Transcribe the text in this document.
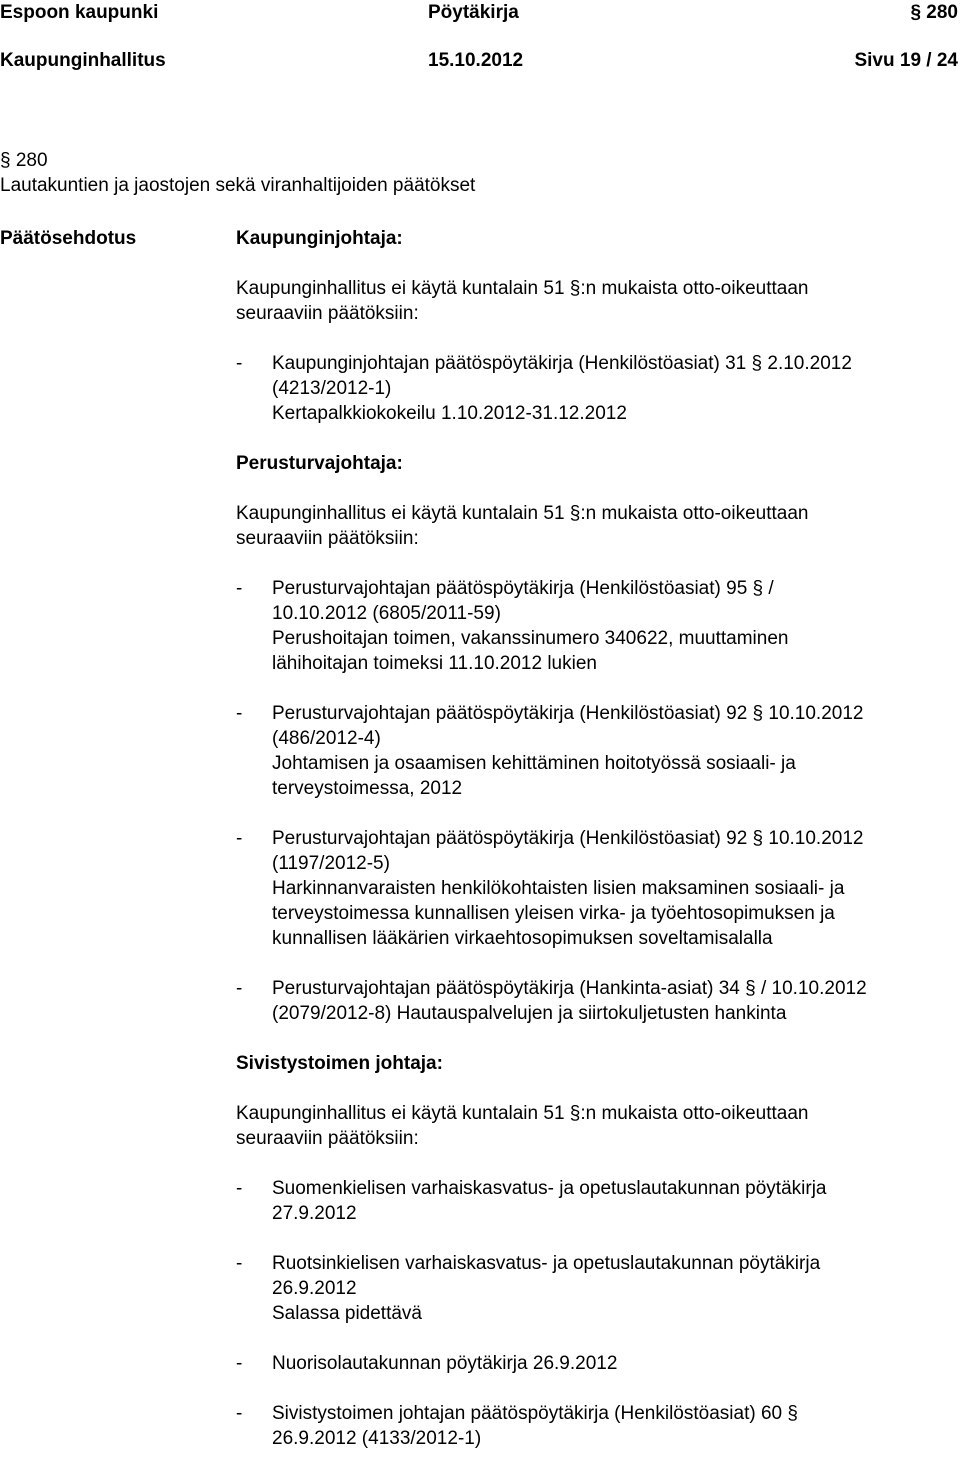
Espoon kaupunki	Pöytäkirja	§ 280
Kaupunginhallitus	15.10.2012	Sivu 19 / 24
§ 280
Lautakuntien ja jaostojen sekä viranhaltijoiden päätökset
Päätösehdotus	Kaupunginjohtaja:

Kaupunginhallitus ei käytä kuntalain 51 §:n mukaista otto-oikeuttaan

seuraaviin päätöksiin:

- Kaupunginjohtajan päätöspöytäkirja (Henkilöstöasiat) 31 § 2.10.2012
(4213/2012-1)
Kertapalkkiokokeilu 1.10.2012-31.12.2012

Perusturvajohtaja:

Kaupunginhallitus ei käytä kuntalain 51 §:n mukaista otto-oikeuttaan

seuraaviin päätöksiin:

- Perusturvajohtajan päätöspöytäkirja (Henkilöstöasiat) 95 § /
10.10.2012 (6805/2011-59)
Perushoitajan toimen, vakanssinumero 340622, muuttaminen
lähihoitajan toimeksi 11.10.2012 lukien
- Perusturvajohtajan päätöspöytäkirja (Henkilöstöasiat) 92 § 10.10.2012
(486/2012-4)
Johtamisen ja osaamisen kehittäminen hoitotyössä sosiaali- ja
terveystoimessa, 2012
- Perusturvajohtajan päätöspöytäkirja (Henkilöstöasiat) 92 § 10.10.2012
(1197/2012-5)
Harkinnanvaraisten henkilökohtaisten lisien maksaminen sosiaali- ja
terveystoimessa kunnallisen yleisen virka- ja työehtosopimuksen ja
kunnallisen lääkärien virkaehtosopimuksen soveltamisalalla
- Perusturvajohtajan päätöspöytäkirja (Hankinta-asiat) 34 § / 10.10.2012
(2079/2012-8) Hautauspalvelujen ja siirtokuljetusten hankinta

Sivistystoimen johtaja:

Kaupunginhallitus ei käytä kuntalain 51 §:n mukaista otto-oikeuttaan

seuraaviin päätöksiin:

- Suomenkielisen varhaiskasvatus- ja opetuslautakunnan pöytäkirja
27.9.2012
- Ruotsinkielisen varhaiskasvatus- ja opetuslautakunnan pöytäkirja
26.9.2012
Salassa pidettävä
- Nuorisolautakunnan pöytäkirja 26.9.2012
- Sivistystoimen johtajan päätöspöytäkirja (Henkilöstöasiat) 60 §
26.9.2012 (4133/2012-1)
